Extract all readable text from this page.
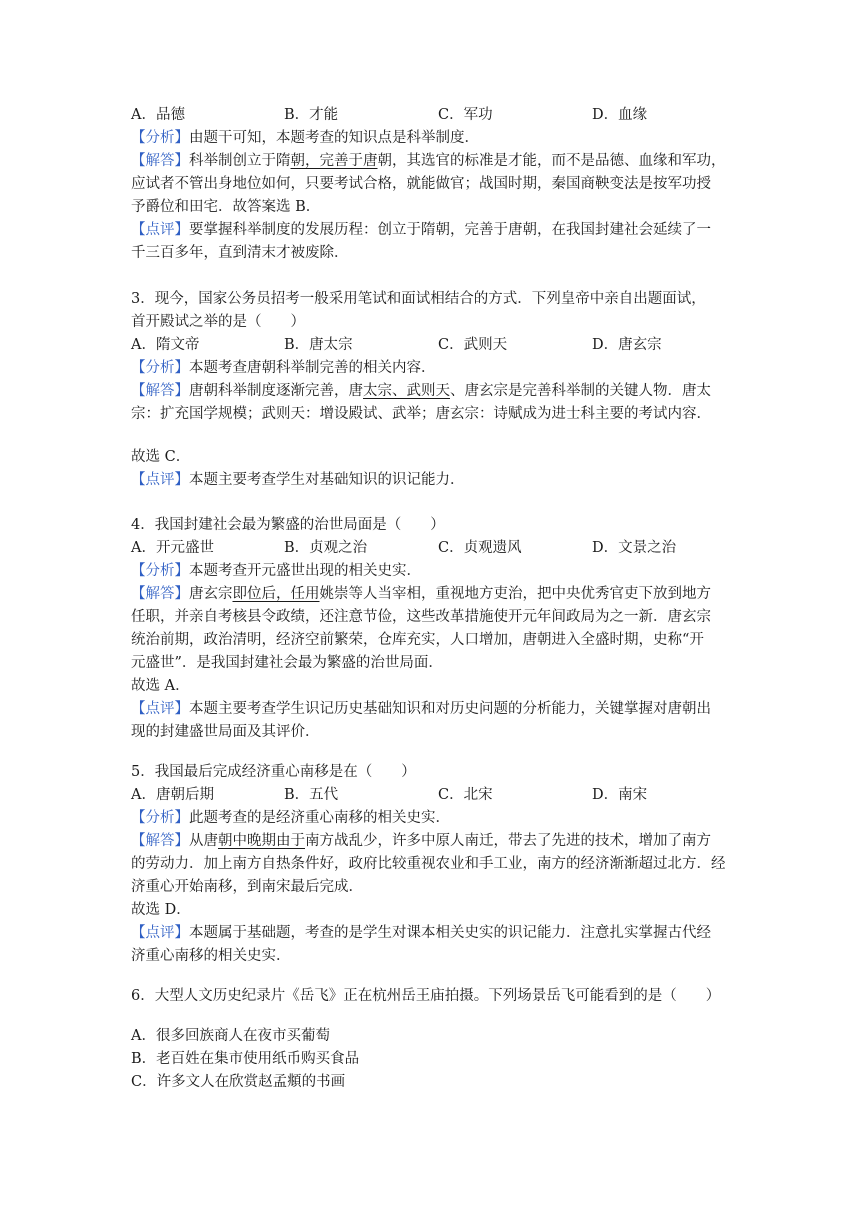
A．品德	B．才能	C．军功	D．血缘
【分析】由题干可知，本题考查的知识点是科举制度．
【解答】科举制创立于隋朝，完善于唐朝，其选官的标准是才能，而不是品德、血缘和军功，
应试者不管出身地位如何，只要考试合格，就能做官；战国时期，秦国商鞅变法是按军功授
予爵位和田宅．故答案选 B．
【点评】要掌握科举制度的发展历程：创立于隋朝，完善于唐朝，在我国封建社会延续了一
千三百多年，直到清末才被废除．
3．现今，国家公务员招考一般采用笔试和面试相结合的方式．下列皇帝中亲自出题面试，
首开殿试之举的是（　　）
A．隋文帝	B．唐太宗	C．武则天	D．唐玄宗
【分析】本题考查唐朝科举制完善的相关内容．
【解答】唐朝科举制度逐渐完善，唐太宗、武则天、唐玄宗是完善科举制的关键人物．唐太
宗：扩充国学规模；武则天：增设殿试、武举；唐玄宗：诗赋成为进士科主要的考试内容．
故选 C．
【点评】本题主要考查学生对基础知识的识记能力．
4．我国封建社会最为繁盛的治世局面是（　　）
A．开元盛世	B．贞观之治	C．贞观遗风	D．文景之治
【分析】本题考查开元盛世出现的相关史实．
【解答】唐玄宗即位后，任用姚崇等人当宰相，重视地方吏治，把中央优秀官吏下放到地方
任职，并亲自考核县令政绩，还注意节俭，这些改革措施使开元年间政局为之一新．唐玄宗
统治前期，政治清明，经济空前繁荣，仓库充实，人口增加，唐朝进入全盛时期，史称“开
元盛世”．是我国封建社会最为繁盛的治世局面．
故选 A．
【点评】本题主要考查学生识记历史基础知识和对历史问题的分析能力，关键掌握对唐朝出
现的封建盛世局面及其评价．
5．我国最后完成经济重心南移是在（　　）
A．唐朝后期	B．五代	C．北宋	D．南宋
【分析】此题考查的是经济重心南移的相关史实．
【解答】从唐朝中晚期由于南方战乱少，许多中原人南迁，带去了先进的技术，增加了南方
的劳动力．加上南方自热条件好，政府比较重视农业和手工业，南方的经济渐渐超过北方．经
济重心开始南移，到南宋最后完成．
故选 D．
【点评】本题属于基础题，考查的是学生对课本相关史实的识记能力．注意扎实掌握古代经
济重心南移的相关史实．
6．大型人文历史纪录片《岳飞》正在杭州岳王庙拍摄。下列场景岳飞可能看到的是（　　）
A．很多回族商人在夜市买葡萄
B．老百姓在集市使用纸币购买食品
C．许多文人在欣赏赵孟頫的书画
